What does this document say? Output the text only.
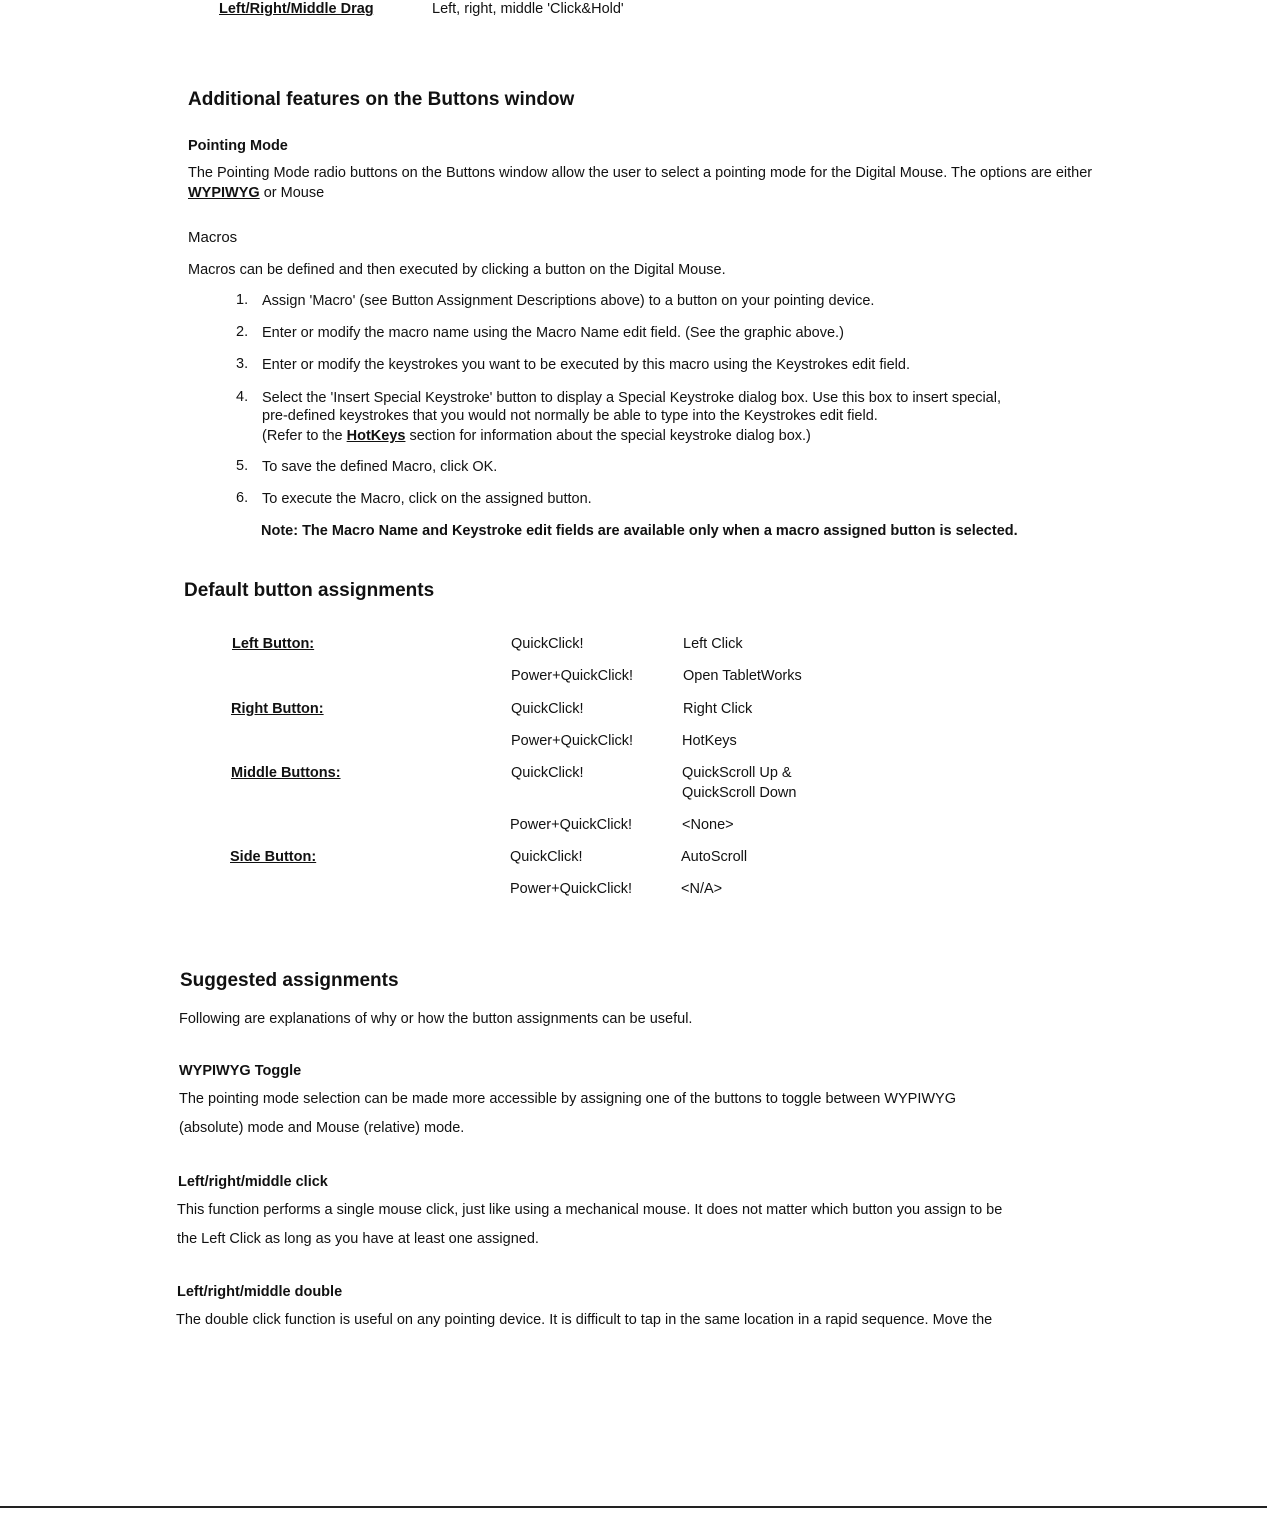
Left/Right/Middle Drag	Left, right, middle 'Click&Hold'
Additional features on the Buttons window
Pointing Mode
The Pointing Mode radio buttons on the Buttons window allow the user to select a pointing mode for the Digital Mouse. The options are either WYPIWYG or Mouse
Macros
Macros can be defined and then executed by clicking a button on the Digital Mouse.
1. Assign 'Macro' (see Button Assignment Descriptions above) to a button on your pointing device.
2. Enter or modify the macro name using the Macro Name edit field. (See the graphic above.)
3. Enter or modify the keystrokes you want to be executed by this macro using the Keystrokes edit field.
4. Select the 'Insert Special Keystroke' button to display a Special Keystroke dialog box. Use this box to insert special,
pre-defined keystrokes that you would not normally be able to type into the Keystrokes edit field.
(Refer to the HotKeys section for information about the special keystroke dialog box.)
5. To save the defined Macro, click OK.
6. To execute the Macro, click on the assigned button.
Note: The Macro Name and Keystroke edit fields are available only when a macro assigned button is selected.
Default button assignments
Left Button:	QuickClick!	Left Click
Power+QuickClick!	Open TabletWorks
Right Button:	QuickClick!	Right Click
Power+QuickClick!	HotKeys
Middle Buttons:	QuickClick!	QuickScroll Up &
QuickScroll Down
Power+QuickClick!	<None>
Side Button:	QuickClick!	AutoScroll
Power+QuickClick!	<N/A>
Suggested assignments
Following are explanations of why or how the button assignments can be useful.
WYPIWYG Toggle
The pointing mode selection can be made more accessible by assigning one of the buttons to toggle between WYPIWYG
(absolute) mode and Mouse (relative) mode.
Left/right/middle click
This function performs a single mouse click, just like using a mechanical mouse. It does not matter which button you assign to be
the Left Click as long as you have at least one assigned.
Left/right/middle double
The double click function is useful on any pointing device. It is difficult to tap in the same location in a rapid sequence. Move the
